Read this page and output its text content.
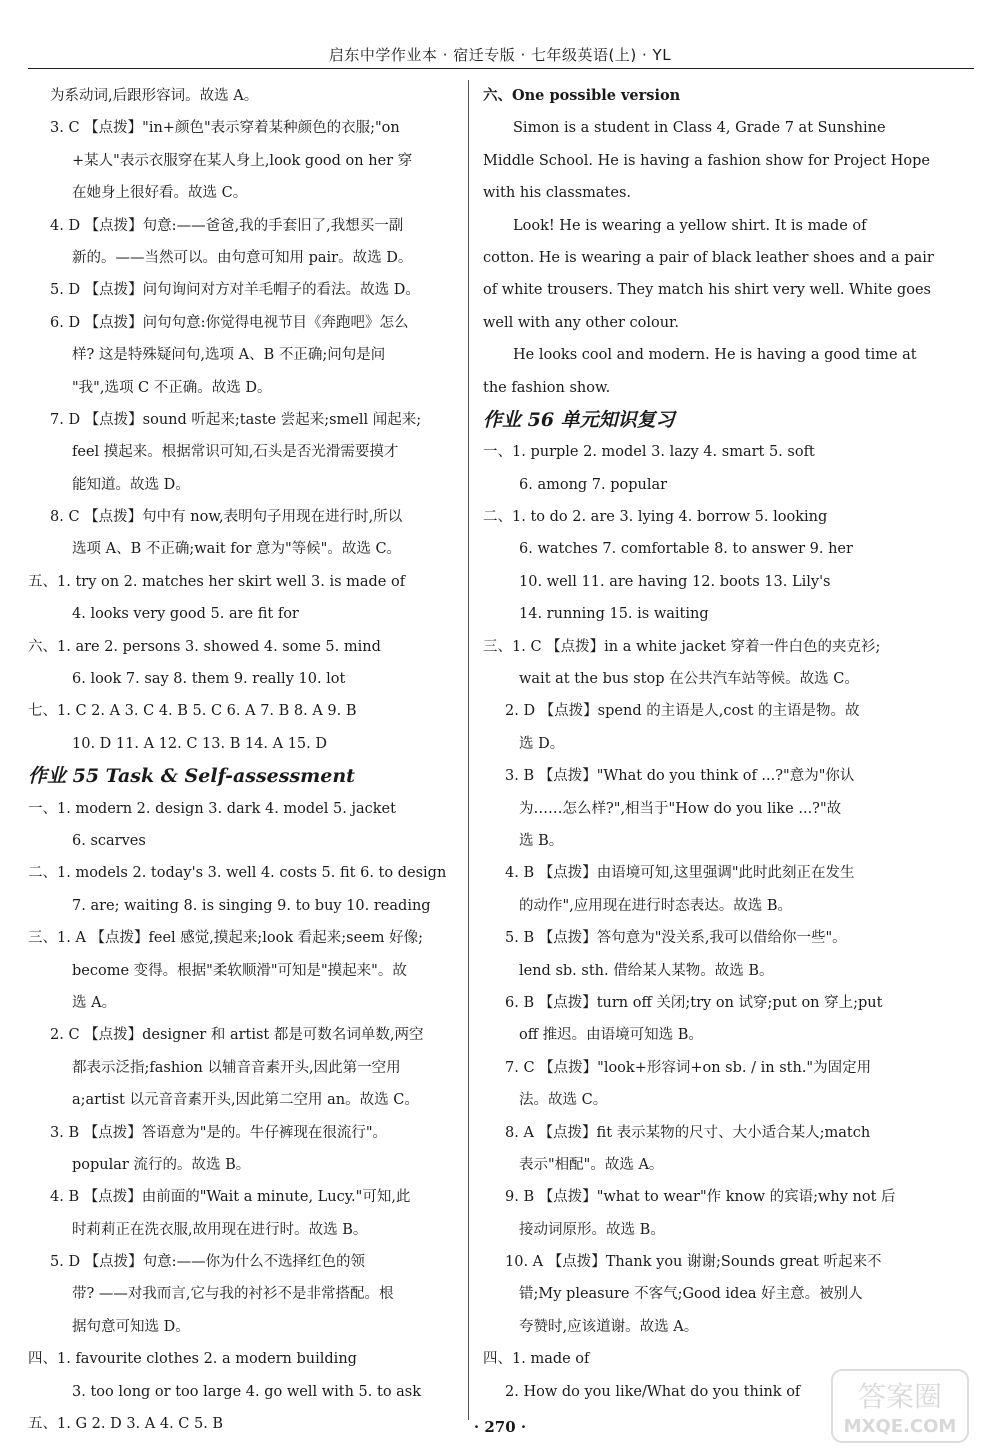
启东中学作业本 · 宿迁专版 · 七年级英语(上) · YL
为系动词,后跟形容词。故选 A。
3. C 【点拨】"in+颜色"表示穿着某种颜色的衣服;"on
+某人"表示衣服穿在某人身上,look good on her 穿
在她身上很好看。故选 C。
4. D 【点拨】句意:——爸爸,我的手套旧了,我想买一副
新的。——当然可以。由句意可知用 pair。故选 D。
5. D 【点拨】问句询问对方对羊毛帽子的看法。故选 D。
6. D 【点拨】问句句意:你觉得电视节目《奔跑吧》怎么
样? 这是特殊疑问句,选项 A、B 不正确;问句是问
"我",选项 C 不正确。故选 D。
7. D 【点拨】sound 听起来;taste 尝起来;smell 闻起来;
feel 摸起来。根据常识可知,石头是否光滑需要摸才
能知道。故选 D。
8. C 【点拨】句中有 now,表明句子用现在进行时,所以
选项 A、B 不正确;wait for 意为"等候"。故选 C。
五、1. try on 2. matches her skirt well 3. is made of
4. looks very good 5. are fit for
六、1. are 2. persons 3. showed 4. some 5. mind
6. look 7. say 8. them 9. really 10. lot
七、1. C 2. A 3. C 4. B 5. C 6. A 7. B 8. A 9. B
10. D 11. A 12. C 13. B 14. A 15. D
作业 55 Task & Self-assessment
一、1. modern 2. design 3. dark 4. model 5. jacket
6. scarves
二、1. models 2. today's 3. well 4. costs 5. fit 6. to design
7. are; waiting 8. is singing 9. to buy 10. reading
三、1. A 【点拨】feel 感觉,摸起来;look 看起来;seem 好像;
become 变得。根据"柔软顺滑"可知是"摸起来"。故
选 A。
2. C 【点拨】designer 和 artist 都是可数名词单数,两空
都表示泛指;fashion 以辅音音素开头,因此第一空用
a;artist 以元音音素开头,因此第二空用 an。故选 C。
3. B 【点拨】答语意为"是的。牛仔裤现在很流行"。
popular 流行的。故选 B。
4. B 【点拨】由前面的"Wait a minute, Lucy."可知,此
时莉莉正在洗衣服,故用现在进行时。故选 B。
5. D 【点拨】句意:——你为什么不选择红色的领
带? ——对我而言,它与我的衬衫不是非常搭配。根
据句意可知选 D。
四、1. favourite clothes 2. a modern building
3. too long or too large 4. go well with 5. to ask
五、1. G 2. D 3. A 4. C 5. B
六、One possible version
Simon is a student in Class 4, Grade 7 at Sunshine
Middle School. He is having a fashion show for Project Hope
with his classmates.
Look! He is wearing a yellow shirt. It is made of
cotton. He is wearing a pair of black leather shoes and a pair
of white trousers. They match his shirt very well. White goes
well with any other colour.
He looks cool and modern. He is having a good time at
the fashion show.
作业 56 单元知识复习
一、1. purple 2. model 3. lazy 4. smart 5. soft
6. among 7. popular
二、1. to do 2. are 3. lying 4. borrow 5. looking
6. watches 7. comfortable 8. to answer 9. her
10. well 11. are having 12. boots 13. Lily's
14. running 15. is waiting
三、1. C 【点拨】in a white jacket 穿着一件白色的夹克衫;
wait at the bus stop 在公共汽车站等候。故选 C。
2. D 【点拨】spend 的主语是人,cost 的主语是物。故
选 D。
3. B 【点拨】"What do you think of ...?"意为"你认
为……怎么样?",相当于"How do you like ...?"故
选 B。
4. B 【点拨】由语境可知,这里强调"此时此刻正在发生
的动作",应用现在进行时态表达。故选 B。
5. B 【点拨】答句意为"没关系,我可以借给你一些"。
lend sb. sth. 借给某人某物。故选 B。
6. B 【点拨】turn off 关闭;try on 试穿;put on 穿上;put
off 推迟。由语境可知选 B。
7. C 【点拨】"look+形容词+on sb. / in sth."为固定用
法。故选 C。
8. A 【点拨】fit 表示某物的尺寸、大小适合某人;match
表示"相配"。故选 A。
9. B 【点拨】"what to wear"作 know 的宾语;why not 后
接动词原形。故选 B。
10. A 【点拨】Thank you 谢谢;Sounds great 听起来不
错;My pleasure 不客气;Good idea 好主意。被别人
夸赞时,应该道谢。故选 A。
四、1. made of
2. How do you like/What do you think of
· 270 ·
答案圈
MXQE.COM
